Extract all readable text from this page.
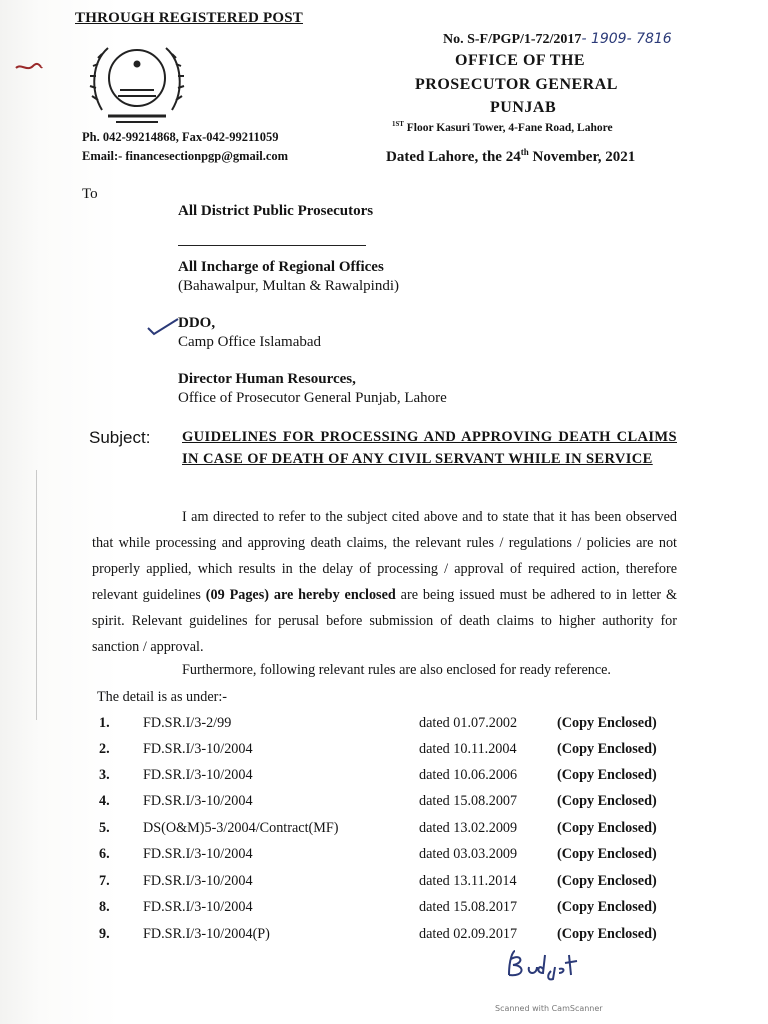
THROUGH REGISTERED POST
Ph. 042-99214868, Fax-042-99211059
Email:- financesectionpgp@gmail.com
No. S-F/PGP/1-72/2017- 1909- 7816
OFFICE OF THE
PROSECUTOR GENERAL
PUNJAB
$^{1ST}$ Floor Kasuri Tower, 4-Fane Road, Lahore
Dated Lahore, the 24th November, 2021
To
All District Public Prosecutors
All Incharge of Regional Offices
(Bahawalpur, Multan & Rawalpindi)
DDO,
Camp Office Islamabad
Director Human Resources,
Office of Prosecutor General Punjab, Lahore
Subject: GUIDELINES FOR PROCESSING AND APPROVING DEATH CLAIMS IN CASE OF DEATH OF ANY CIVIL SERVANT WHILE IN SERVICE
I am directed to refer to the subject cited above and to state that it has been observed that while processing and approving death claims, the relevant rules / regulations / policies are not properly applied, which results in the delay of processing / approval of required action, therefore relevant guidelines (09 Pages) are hereby enclosed are being issued must be adhered to in letter & spirit. Relevant guidelines for perusal before submission of death claims to higher authority for sanction / approval.
Furthermore, following relevant rules are also enclosed for ready reference.
The detail is as under:-
1. FD.SR.I/3-2/99	dated 01.07.2002	(Copy Enclosed)
2. FD.SR.I/3-10/2004	dated 10.11.2004	(Copy Enclosed)
3. FD.SR.I/3-10/2004	dated 10.06.2006	(Copy Enclosed)
4. FD.SR.I/3-10/2004	dated 15.08.2007	(Copy Enclosed)
5. DS(O&M)5-3/2004/Contract(MF)	dated 13.02.2009	(Copy Enclosed)
6. FD.SR.I/3-10/2004	dated 03.03.2009	(Copy Enclosed)
7. FD.SR.I/3-10/2004	dated 13.11.2014	(Copy Enclosed)
8. FD.SR.I/3-10/2004	dated 15.08.2017	(Copy Enclosed)
9. FD.SR.I/3-10/2004(P)	dated 02.09.2017	(Copy Enclosed)
Scanned with CamScanner
